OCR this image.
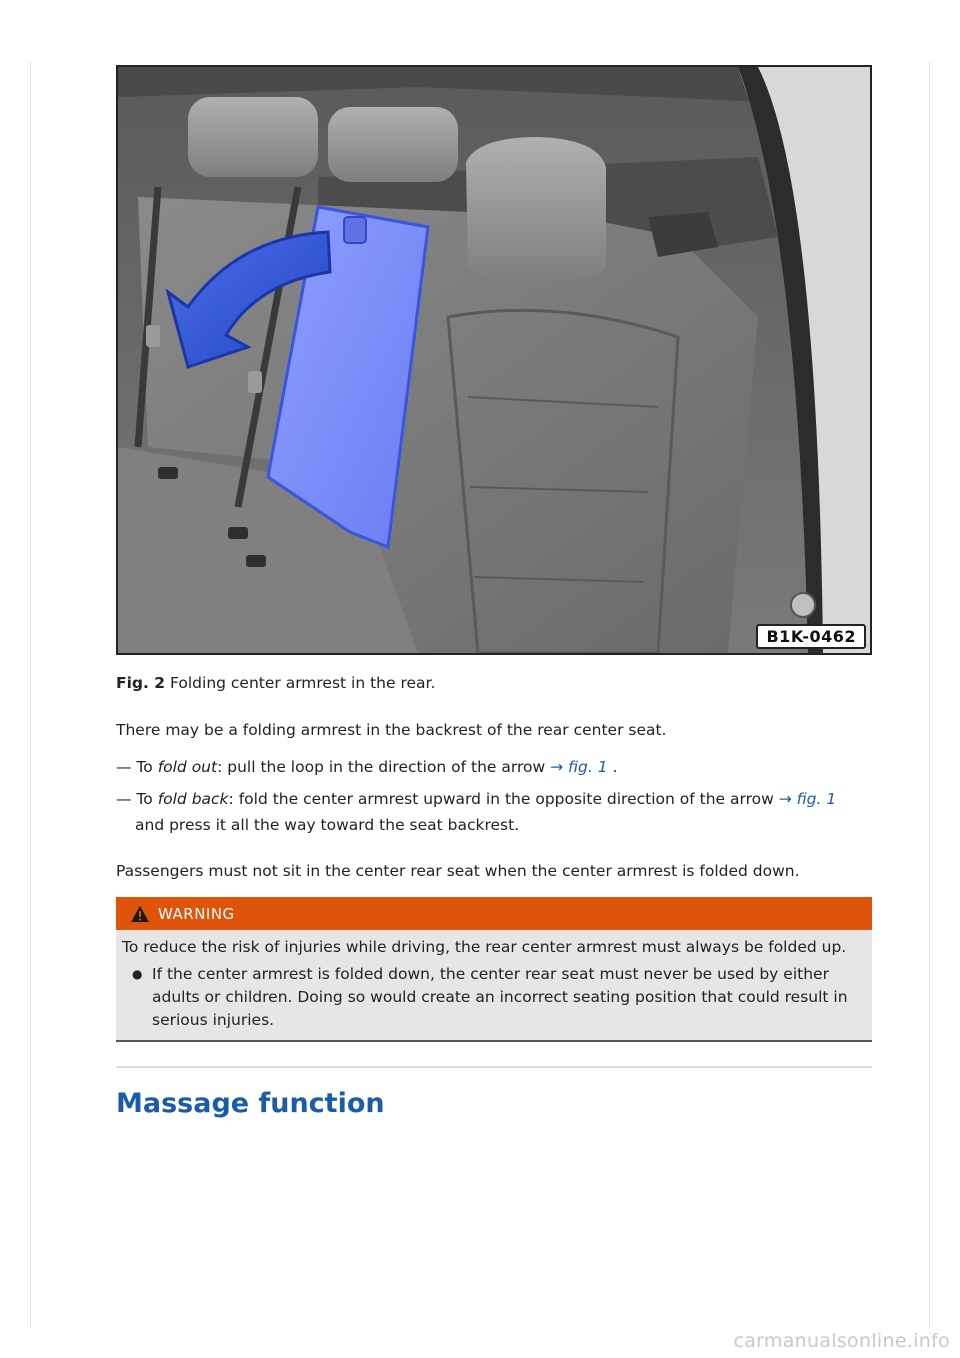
B1K-0462
Fig. 2 Folding center armrest in the rear.
There may be a folding armrest in the backrest of the rear center seat.
— To fold out: pull the loop in the direction of the arrow → fig. 1 .
— To fold back: fold the center armrest upward in the opposite direction of the arrow → fig. 1
and press it all the way toward the seat backrest.
Passengers must not sit in the center rear seat when the center armrest is folded down.
WARNING
To reduce the risk of injuries while driving, the rear center armrest must always be folded up.
● If the center armrest is folded down, the center rear seat must never be used by either adults or children. Doing so would create an incorrect seating position that could result in serious injuries.
Massage function
carmanualsonline.info
